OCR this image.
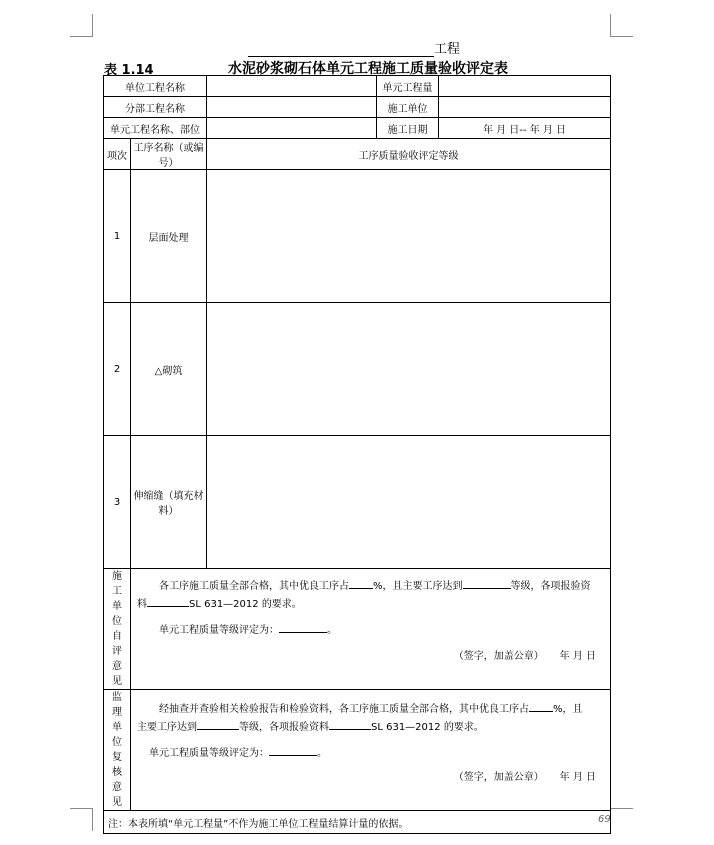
工程
表 1.14	水泥砂浆砌石体单元工程施工质量验收评定表
单位工程名称			单元工程量	
分部工程名称			施工单位	
单元工程名称、部位			施工日期	年 月 日-- 年 月 日
项次	工序名称（或编号）	工序质量验收评定等级		
1	层面处理			
2	△砌筑			
3	伸缩缝（填充材料）			

施工单位自评意见	各工序施工质量全部合格，其中优良工序占 %，且主要工序达到 等级，各项报验资
料 SL 631—2012 的要求。

单元工程质量等级评定为： 。

（签字，加盖公章） 年 月 日			

监理单位复核意见	经抽查并查验相关检验报告和检验资料，各工序施工质量全部合格，其中优良工序占 %，且
主要工序达到 等级，各项报验资料 SL 631—2012 的要求。

单元工程质量等级评定为： 。

（签字，加盖公章） 年 月 日			

注：本表所填“单元工程量”不作为施工单位工程量结算计量的依据。					69
